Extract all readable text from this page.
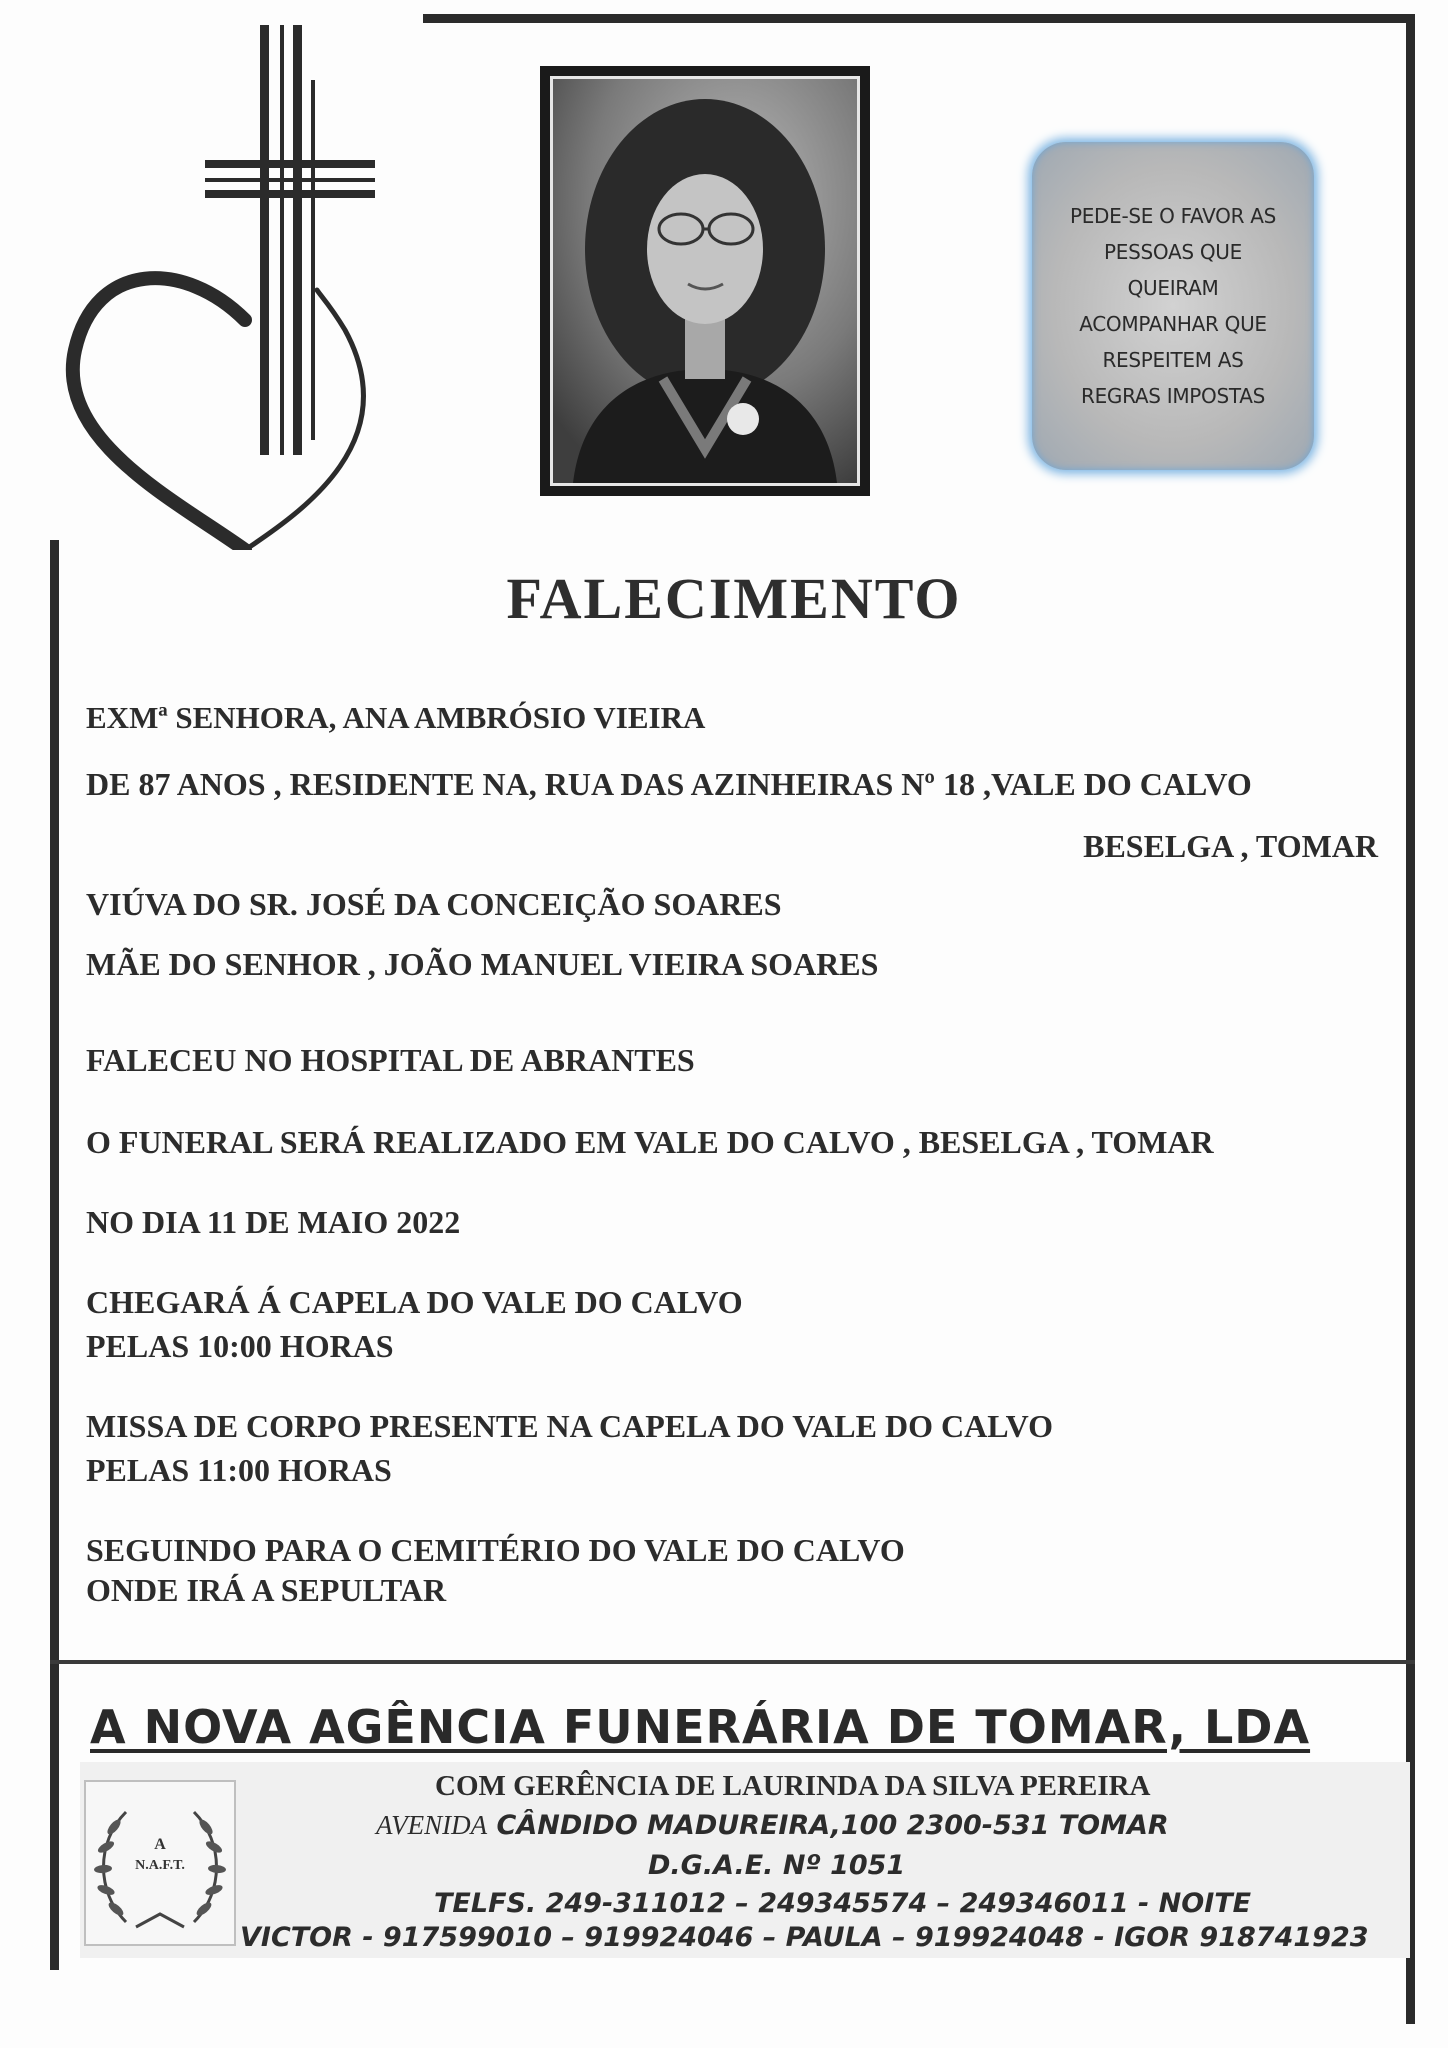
PEDE-SE O FAVOR AS
PESSOAS QUE
QUEIRAM
ACOMPANHAR QUE
RESPEITEM AS
REGRAS IMPOSTAS
FALECIMENTO
EXMª SENHORA, ANA AMBRÓSIO VIEIRA
DE 87 ANOS , RESIDENTE NA, RUA DAS AZINHEIRAS Nº 18 ,VALE DO CALVO
BESELGA , TOMAR
VIÚVA DO SR. JOSÉ DA CONCEIÇÃO SOARES
MÃE DO SENHOR , JOÃO MANUEL VIEIRA SOARES
FALECEU NO HOSPITAL DE ABRANTES
O FUNERAL SERÁ REALIZADO EM VALE DO CALVO , BESELGA , TOMAR
NO DIA 11 DE MAIO 2022
CHEGARÁ Á CAPELA DO VALE DO CALVO
PELAS 10:00 HORAS
MISSA DE CORPO PRESENTE NA CAPELA DO VALE DO CALVO
PELAS 11:00 HORAS
SEGUINDO PARA O CEMITÉRIO DO VALE DO CALVO
ONDE IRÁ A SEPULTAR
A NOVA AGÊNCIA FUNERÁRIA DE TOMAR, LDA
A
N.A.F.T.
COM GERÊNCIA DE LAURINDA DA SILVA PEREIRA
AVENIDA CÂNDIDO MADUREIRA,100 2300-531 TOMAR
D.G.A.E. Nº 1051
TELFS. 249-311012 – 249345574 – 249346011 - NOITE
VICTOR - 917599010 – 919924046 – PAULA – 919924048 - IGOR 918741923
